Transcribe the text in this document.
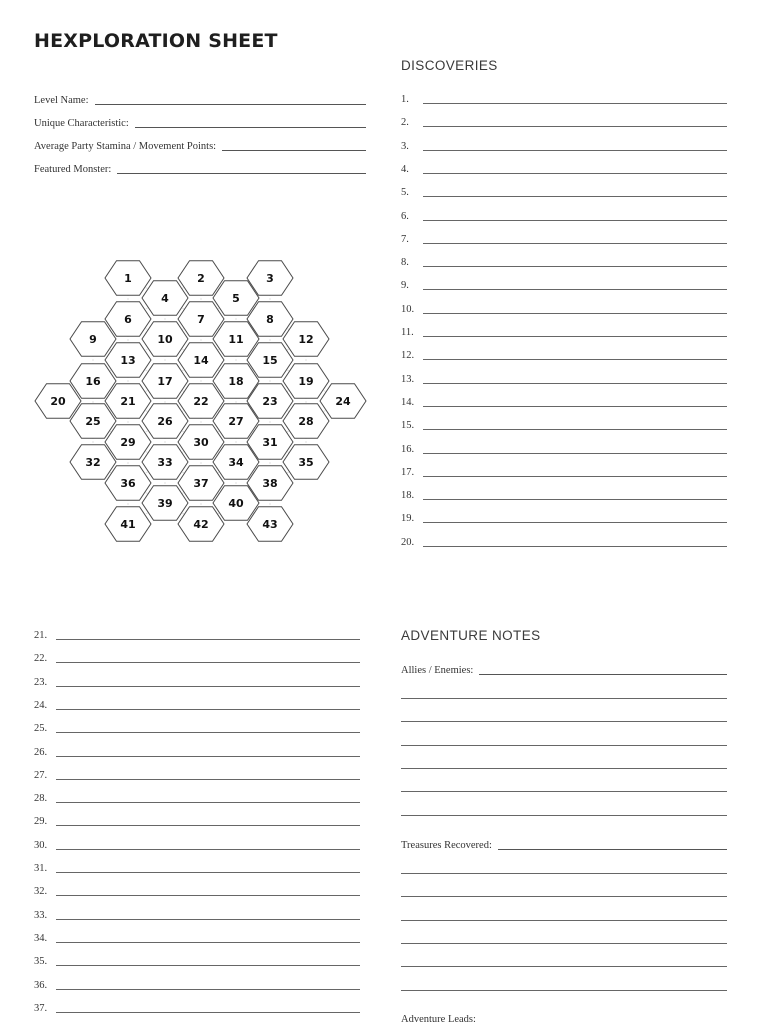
HEXPLORATION SHEET
DISCOVERIES
Level Name:
Unique Characteristic:
Average Party Stamina / Movement Points:
Featured Monster:
1	2	3
4	5
6	7	8
9	10	11	12
13	14	15
16	17	18	19
20	21	22	23	24
25	26	27	28
29	30	31
32	33	34	35
36	37	38
39	40
41	42	43
1.
2.
3.
4.
5.
6.
7.
8.
9.
10.
11.
12.
13.
14.
15.
16.
17.
18.
19.
20.
21.
22.
23.
24.
25.
26.
27.
28.
29.
30.
31.
32.
33.
34.
35.
36.
37.
ADVENTURE NOTES
Allies / Enemies:
Treasures Recovered:
Adventure Leads:
